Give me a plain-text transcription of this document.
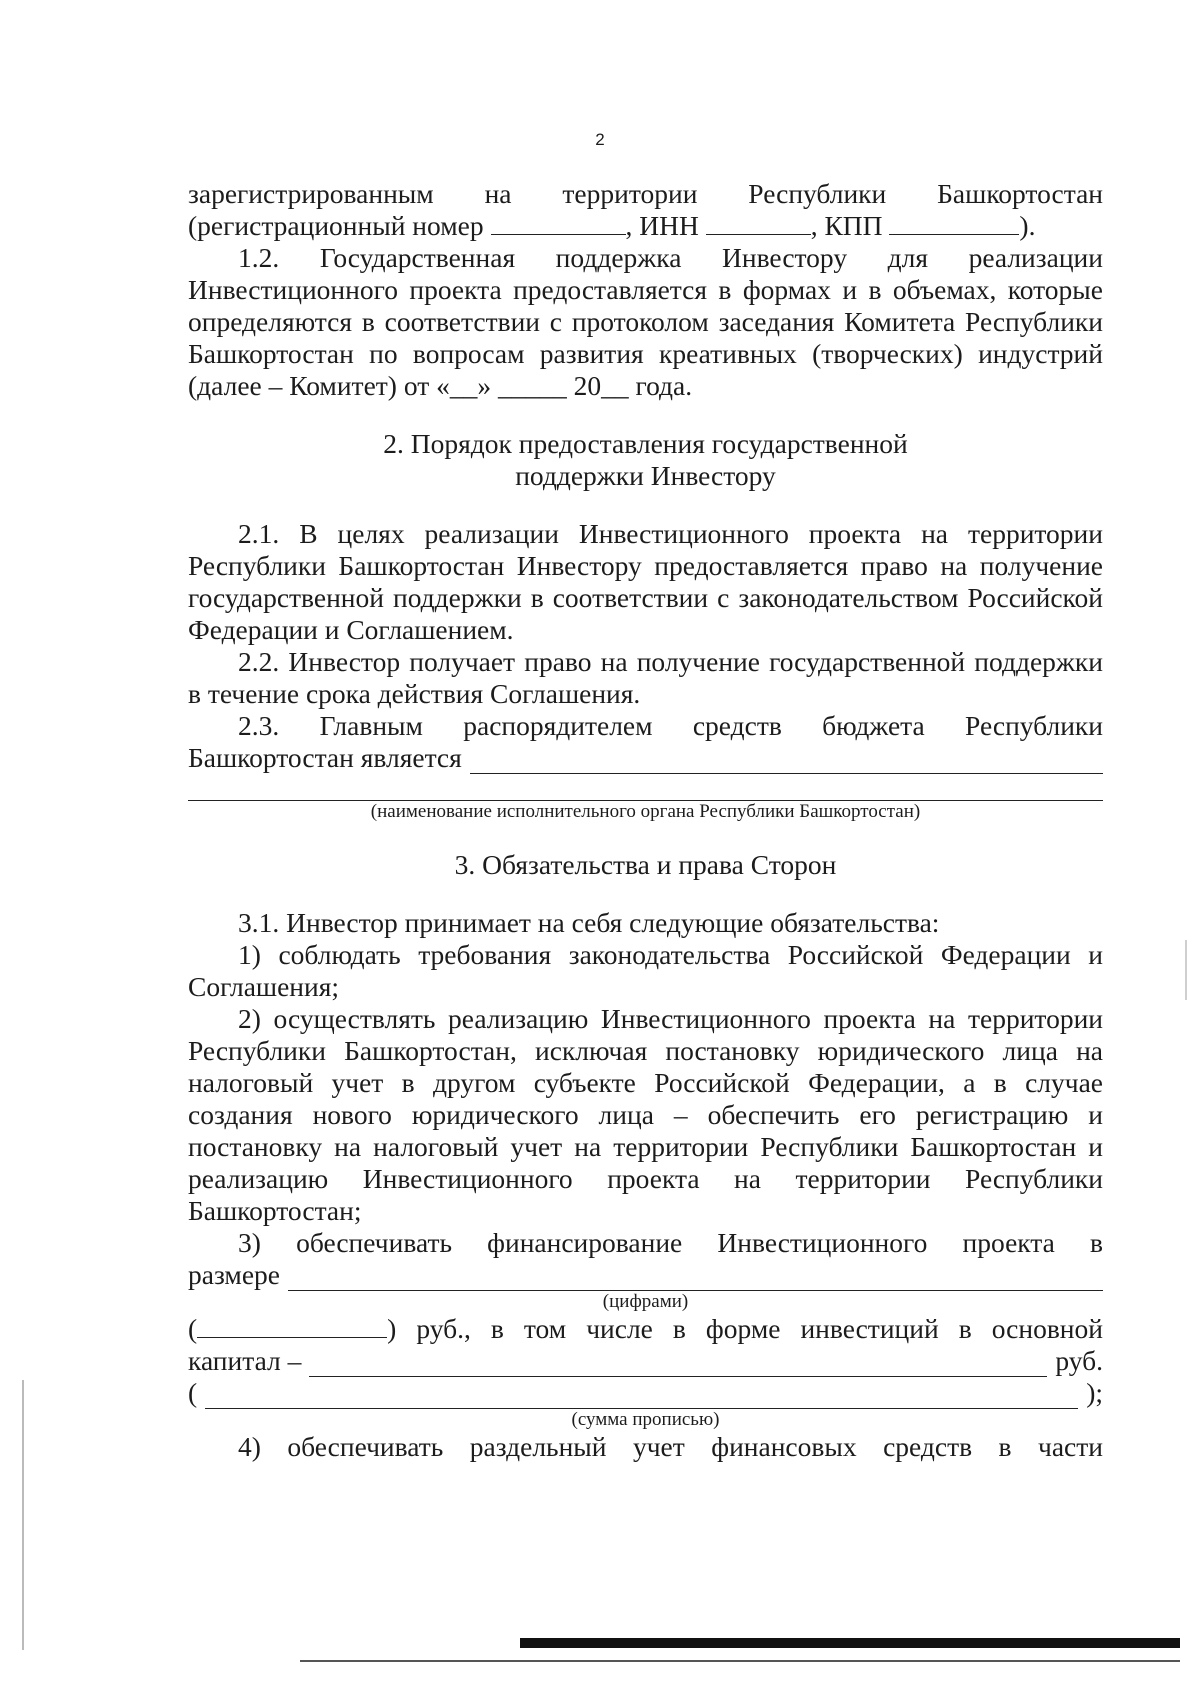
2

зарегистрированным на территории Республики Башкортостан

(регистрационный номер	, ИНН	, КПП	).

1.2. Государственная поддержка Инвестору для реализации Инвестиционного проекта предоставляется в формах и в объемах, которые определяются в соответствии с протоколом заседания Комитета Республики Башкортостан по вопросам развития креативных (творческих) индустрий (далее – Комитет) от «__» _____ 20__ года.

2. Порядок предоставления государственной

поддержки Инвестору

2.1. В целях реализации Инвестиционного проекта на территории Республики Башкортостан Инвестору предоставляется право на получение государственной поддержки в соответствии с законодательством Российской Федерации и Соглашением.

2.2. Инвестор получает право на получение государственной поддержки в течение срока действия Соглашения.

2.3. Главным распорядителем средств бюджета Республики

Башкортостан является

(наименование исполнительного органа Республики Башкортостан)

3. Обязательства и права Сторон

3.1. Инвестор принимает на себя следующие обязательства:

1) соблюдать требования законодательства Российской Федерации и Соглашения;

2) осуществлять реализацию Инвестиционного проекта на территории Республики Башкортостан, исключая постановку юридического лица на налоговый учет в другом субъекте Российской Федерации, а в случае создания нового юридического лица – обеспечить его регистрацию и постановку на налоговый учет на территории Республики Башкортостан и реализацию Инвестиционного проекта на территории Республики Башкортостан;

3) обеспечивать финансирование Инвестиционного проекта в

размере

(цифрами)

(	) руб., в том числе в форме инвестиций в основной

капитал –	руб.
(	);

(сумма прописью)

4) обеспечивать раздельный учет финансовых средств в части
